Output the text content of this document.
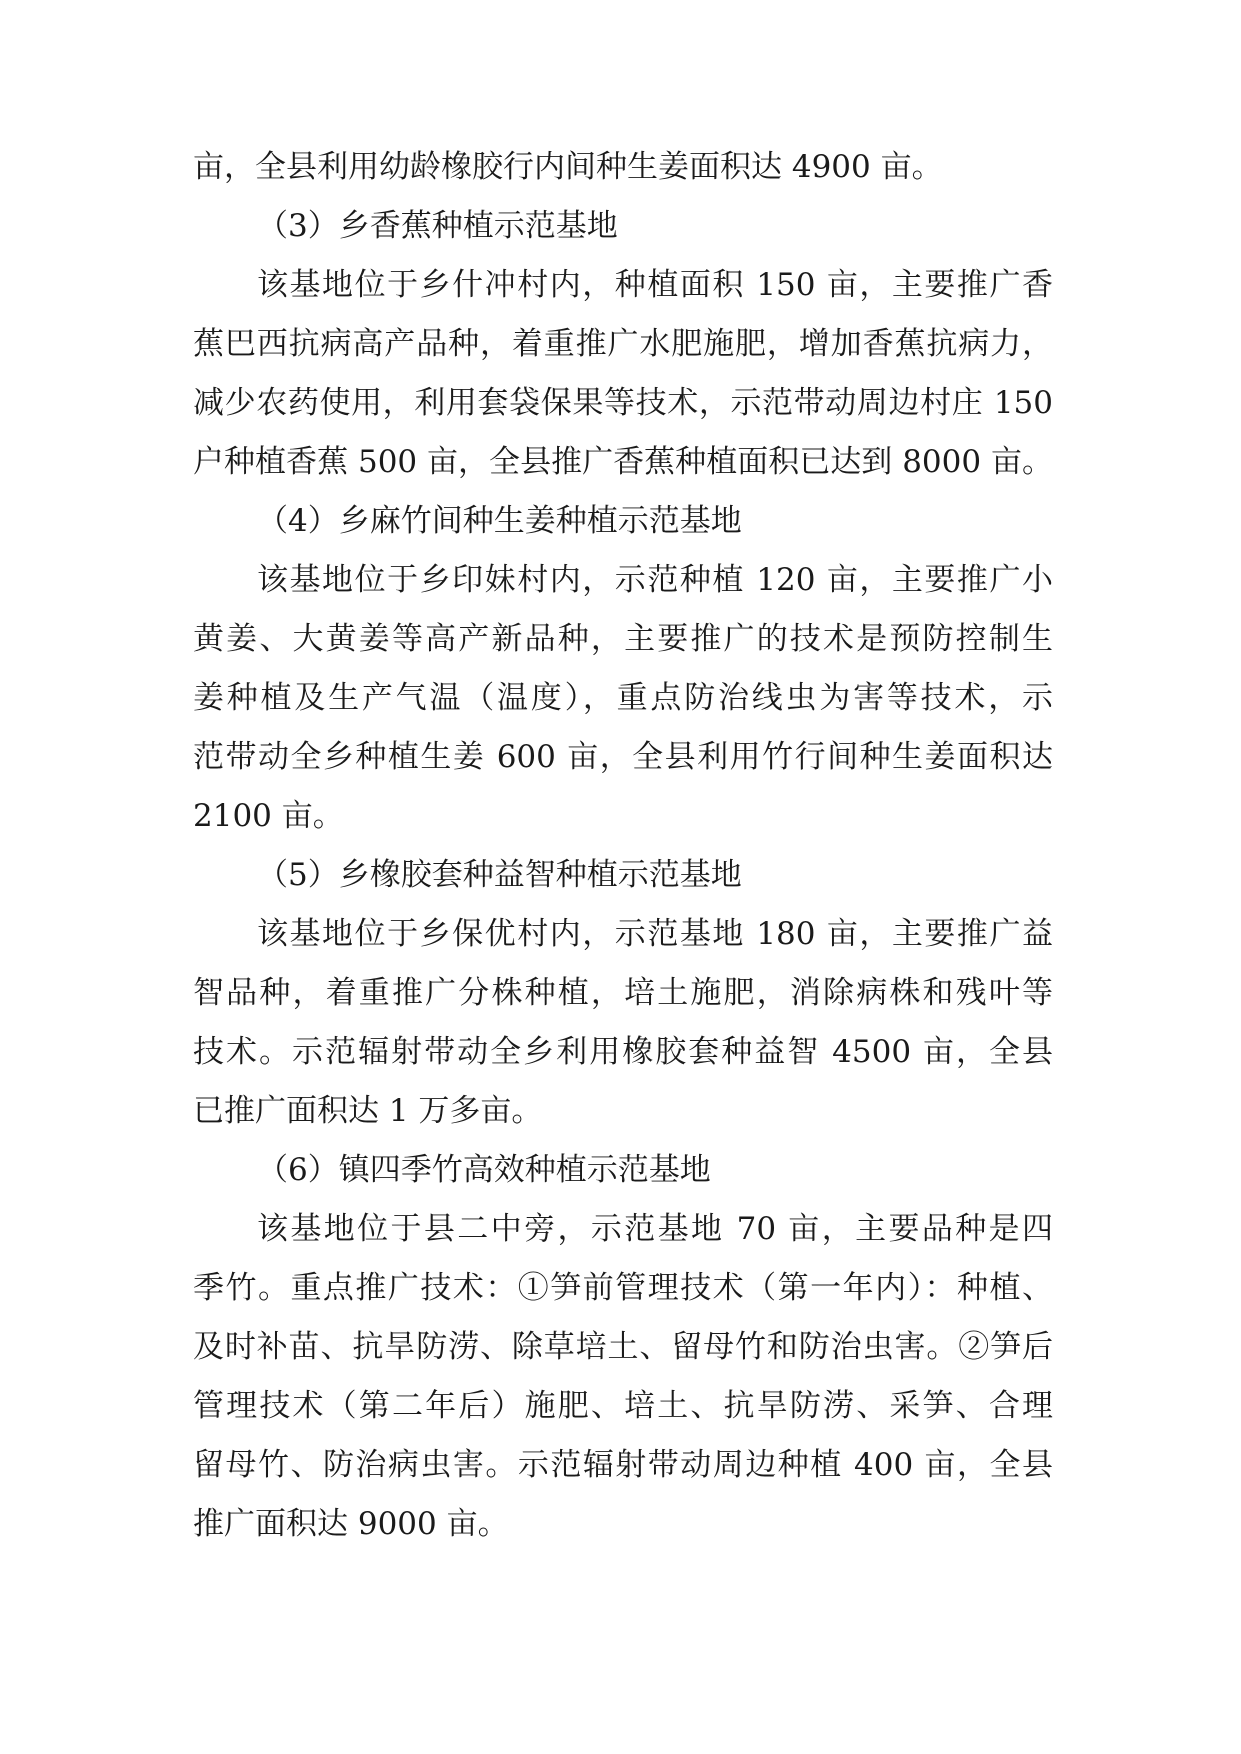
亩，全县利用幼龄橡胶行内间种生姜面积达 4900 亩。
（3）乡香蕉种植示范基地
该基地位于乡什冲村内，种植面积 150 亩，主要推广香
蕉巴西抗病高产品种，着重推广水肥施肥，增加香蕉抗病力，
减少农药使用，利用套袋保果等技术，示范带动周边村庄 150
户种植香蕉 500 亩，全县推广香蕉种植面积已达到 8000 亩。
（4）乡麻竹间种生姜种植示范基地
该基地位于乡印妹村内，示范种植 120 亩，主要推广小
黄姜、大黄姜等高产新品种，主要推广的技术是预防控制生
姜种植及生产气温（温度），重点防治线虫为害等技术，示
范带动全乡种植生姜 600 亩，全县利用竹行间种生姜面积达
2100 亩。
（5）乡橡胶套种益智种植示范基地
该基地位于乡保优村内，示范基地 180 亩，主要推广益
智品种，着重推广分株种植，培土施肥，消除病株和残叶等
技术。示范辐射带动全乡利用橡胶套种益智 4500 亩，全县
已推广面积达 1 万多亩。
（6）镇四季竹高效种植示范基地
该基地位于县二中旁，示范基地 70 亩，主要品种是四
季竹。重点推广技术：①笋前管理技术（第一年内）：种植、
及时补苗、抗旱防涝、除草培土、留母竹和防治虫害。②笋后
管理技术（第二年后）施肥、培土、抗旱防涝、采笋、合理
留母竹、防治病虫害。示范辐射带动周边种植 400 亩，全县
推广面积达 9000 亩。
